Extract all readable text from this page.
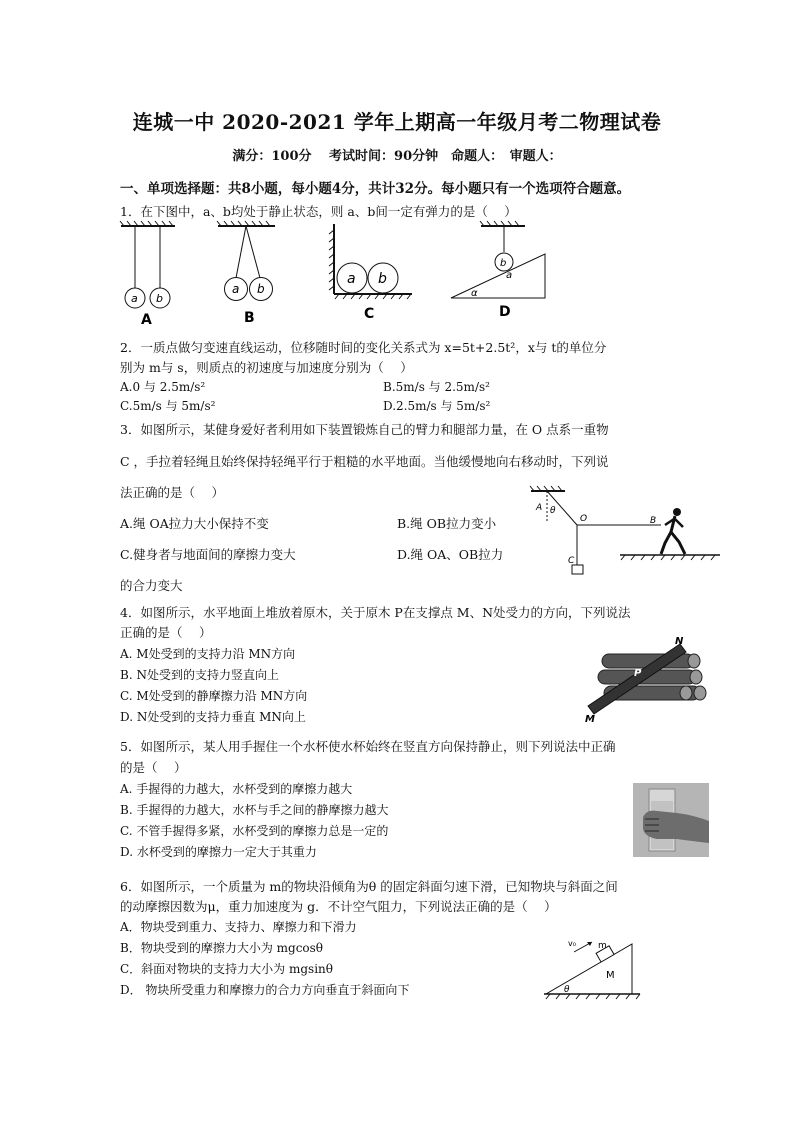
连城一中 2020-2021 学年上期高一年级月考二物理试卷
满分：100分　 考试时间：90分钟　命题人：　审题人：
一、单项选择题：共8小题，每小题4分，共计32分。每小题只有一个选项符合题意。
1．在下图中，a、b均处于静止状态，则 a、b间一定有弹力的是（　 ）
a b
A
a b
B
a b
C
b
a
α
D
2．一质点做匀变速直线运动，位移随时间的变化关系式为 x=5t+2.5t²，x与 t的单位分
别为 m与 s，则质点的初速度与加速度分别为（　 ）
A.0 与 2.5m/s²	B.5m/s 与 2.5m/s²
C.5m/s 与 5m/s²	D.2.5m/s 与 5m/s²
3．如图所示，某健身爱好者利用如下装置锻炼自己的臂力和腿部力量，在 O 点系一重物
C ，手拉着轻绳且始终保持轻绳平行于粗糙的水平地面。当他缓慢地向右移动时，下列说
法正确的是（　 ）
A.绳 OA拉力大小保持不变	B.绳 OB拉力变小
C.健身者与地面间的摩擦力变大	D.绳 OA、OB拉力
的合力变大
A θ
O	B
C
4．如图所示，水平地面上堆放着原木，关于原木 P在支撑点 M、N处受力的方向，下列说法
正确的是（　 ）
A. M处受到的支持力沿 MN方向
B. N处受到的支持力竖直向上
C. M处受到的静摩擦力沿 MN方向
D. N处受到的支持力垂直 MN向上
N
P
M
5．如图所示，某人用手握住一个水杯使水杯始终在竖直方向保持静止，则下列说法中正确
的是（　 ）
A. 手握得的力越大，水杯受到的摩擦力越大
B. 手握得的力越大，水杯与手之间的静摩擦力越大
C. 不管手握得多紧，水杯受到的摩擦力总是一定的
D. 水杯受到的摩擦力一定大于其重力
6．如图所示，一个质量为 m的物块沿倾角为θ 的固定斜面匀速下滑，已知物块与斜面之间
的动摩擦因数为μ，重力加速度为 g．不计空气阻力，下列说法正确的是（　 ）
A．物块受到重力、支持力、摩擦力和下滑力
B．物块受到的摩擦力大小为 mgcosθ
C．斜面对物块的支持力大小为 mgsinθ
D． 物块所受重力和摩擦力的合力方向垂直于斜面向下
v₀ m
M
θ
